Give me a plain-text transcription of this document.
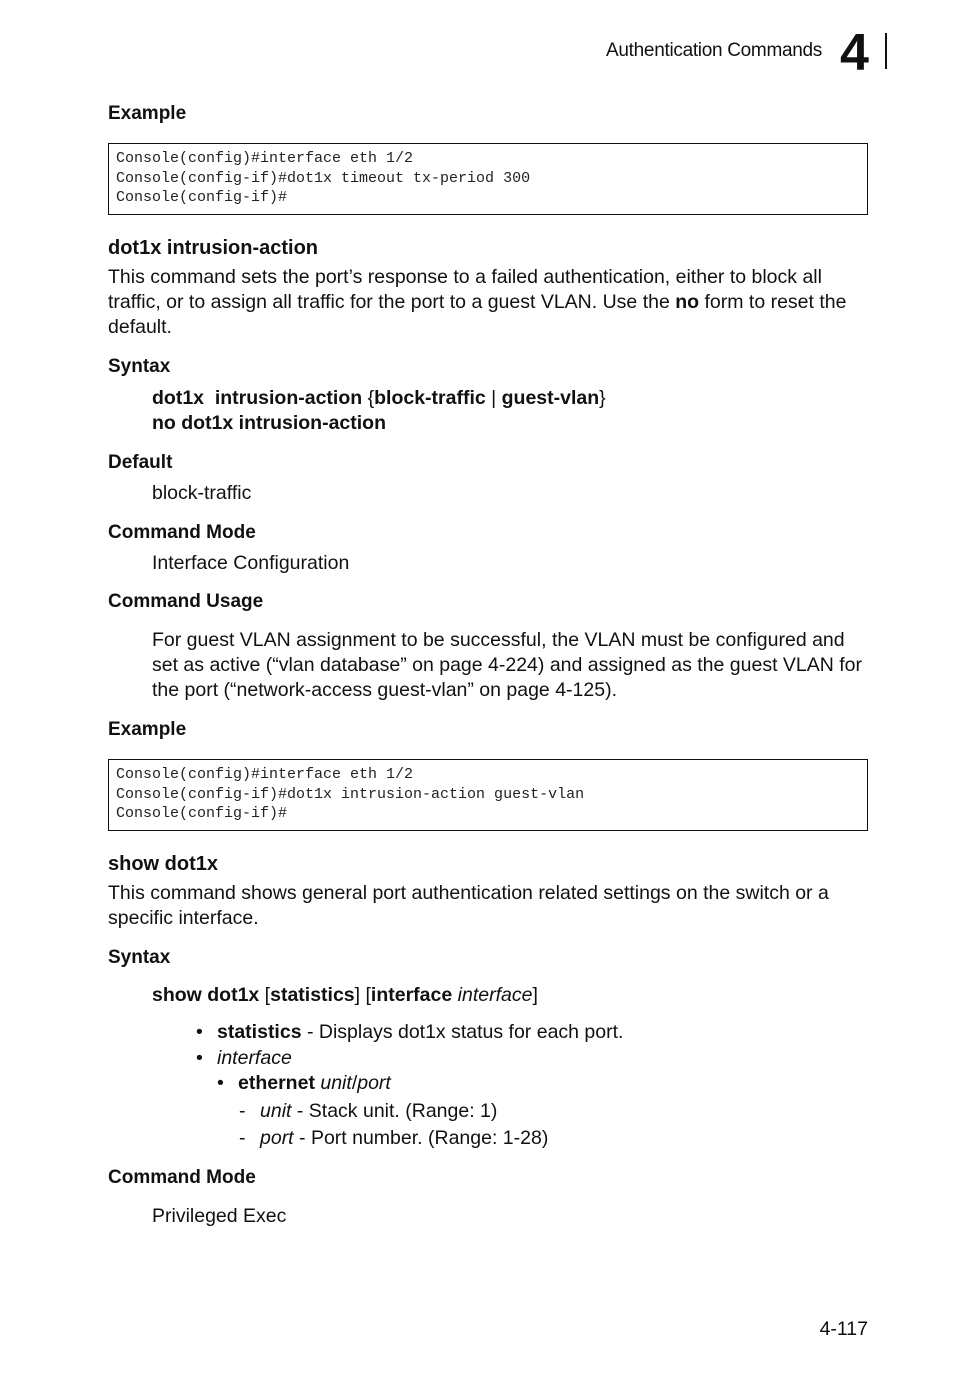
Authentication Commands 4
Example
Console(config)#interface eth 1/2
Console(config-if)#dot1x timeout tx-period 300
Console(config-if)#
dot1x intrusion-action
This command sets the port’s response to a failed authentication, either to block all traffic, or to assign all traffic for the port to a guest VLAN. Use the no form to reset the default.
Syntax
dot1x  intrusion-action {block-traffic | guest-vlan}
no dot1x intrusion-action
Default
block-traffic
Command Mode
Interface Configuration
Command Usage
For guest VLAN assignment to be successful, the VLAN must be configured and set as active (“vlan database” on page 4-224) and assigned as the guest VLAN for the port (“network-access guest-vlan” on page 4-125).
Example
Console(config)#interface eth 1/2
Console(config-if)#dot1x intrusion-action guest-vlan
Console(config-if)#
show dot1x
This command shows general port authentication related settings on the switch or a specific interface.
Syntax
show dot1x [statistics] [interface interface]
• statistics - Displays dot1x status for each port.
• interface
• ethernet unit/port
- unit - Stack unit. (Range: 1)
- port - Port number. (Range: 1-28)
Command Mode
Privileged Exec
4-117
